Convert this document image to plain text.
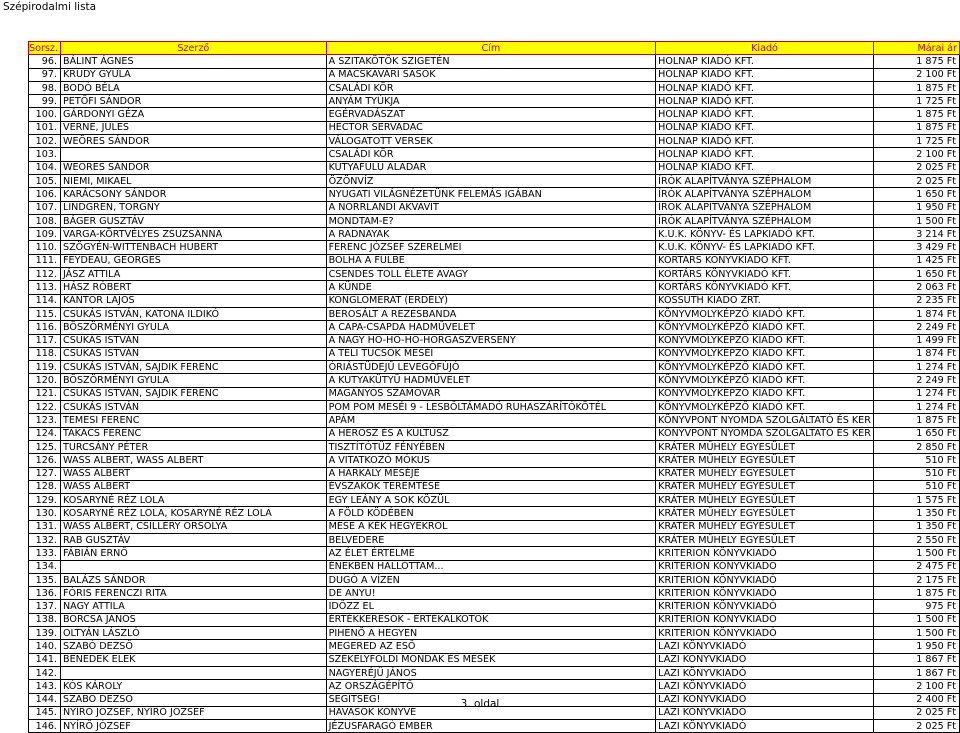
Szépirodalmi lista
Sorsz.	Szerző	Cím	Kiadó	Márai ár
96.	BÁLINT ÁGNES	A SZITAKÖTŐK SZIGETÉN	HOLNAP KIADÓ KFT.	1 875 Ft
97.	KRÚDY GYULA	A MACSKAVÁRI SASOK	HOLNAP KIADÓ KFT.	2 100 Ft
98.	BODÓ BÉLA	CSALÁDI KÖR	HOLNAP KIADÓ KFT.	1 875 Ft
99.	PETŐFI SÁNDOR	ANYÁM TYÚKJA	HOLNAP KIADÓ KFT.	1 725 Ft
100.	GÁRDONYI GÉZA	EGÉRVADÁSZAT	HOLNAP KIADÓ KFT.	1 875 Ft
101.	VERNE, JULES	HECTOR SERVADAC	HOLNAP KIADÓ KFT.	1 875 Ft
102.	WEÖRES SÁNDOR	VÁLOGATOTT VERSEK	HOLNAP KIADÓ KFT.	1 725 Ft
103.		CSALÁDI KÖR	HOLNAP KIADÓ KFT.	2 100 Ft
104.	WEÖRES SÁNDOR	KUTYAFÜLŰ ALADÁR	HOLNAP KIADÓ KFT.	2 025 Ft
105.	NIEMI, MIKAEL	ÖZÖNVÍZ	ÍRÓK ALAPÍTVÁNYA SZÉPHALOM	2 025 Ft
106.	KARÁCSONY SÁNDOR	NYUGATI VILÁGNÉZETÜNK FELEMÁS IGÁBAN	ÍRÓK ALAPÍTVÁNYA SZÉPHALOM	1 650 Ft
107.	LINDGREN, TORGNY	A NORRLANDI AKVAVIT	ÍRÓK ALAPÍTVÁNYA SZÉPHALOM	1 950 Ft
108.	BÁGER GUSZTÁV	MONDTAM-E?	ÍRÓK ALAPÍTVÁNYA SZÉPHALOM	1 500 Ft
109.	VARGA-KÖRTVÉLYES ZSUZSANNA	A RADNAYAK	K.U.K. KÖNYV- ÉS LAPKIADÓ KFT.	3 214 Ft
110.	SZÖGYÉN-WITTENBACH HUBERT	FERENC JÓZSEF SZERELMEI	K.U.K. KÖNYV- ÉS LAPKIADÓ KFT.	3 429 Ft
111.	FEYDEAU, GEORGES	BOLHA A FÜLBE	KORTÁRS KÖNYVKIADÓ KFT.	1 425 Ft
112.	JÁSZ ATTILA	CSENDES TOLL ÉLETE AVAGY	KORTÁRS KÖNYVKIADÓ KFT.	1 650 Ft
113.	HÁSZ RÓBERT	A KÜNDE	KORTÁRS KÖNYVKIADÓ KFT.	2 063 Ft
114.	KÁNTOR LAJOS	KONGLOMERÁT (ERDÉLY)	KOSSUTH KIADÓ ZRT.	2 235 Ft
115.	CSUKÁS ISTVÁN, KATONA ILDIKÓ	BEROSÁLT A REZESBANDA	KÖNYVMOLYKÉPZŐ KIADÓ KFT.	1 874 Ft
116.	BÖSZÖRMÉNYI GYULA	A CAPA-CSAPDA HADMŰVELET	KÖNYVMOLYKÉPZŐ KIADÓ KFT.	2 249 Ft
117.	CSUKÁS ISTVÁN	A NAGY HO-HO-HO-HORGÁSZVERSENY	KÖNYVMOLYKÉPZŐ KIADÓ KFT.	1 499 Ft
118.	CSUKÁS ISTVÁN	A TELI TÜCSÖK MESÉI	KÖNYVMOLYKÉPZŐ KIADÓ KFT.	1 874 Ft
119.	CSUKÁS ISTVÁN, SAJDIK FERENC	ÓRIÁSTÜDEJŰ LEVEGŐFÚJÓ	KÖNYVMOLYKÉPZŐ KIADÓ KFT.	1 274 Ft
120.	BÖSZÖRMÉNYI GYULA	A KUTYAKÜTYÜ HADMŰVELET	KÖNYVMOLYKÉPZŐ KIADÓ KFT.	2 249 Ft
121.	CSUKÁS ISTVÁN, SAJDIK FERENC	MAGÁNYOS SZAMOVÁR	KÖNYVMOLYKÉPZŐ KIADÓ KFT.	1 274 Ft
122.	CSUKÁS ISTVÁN	POM POM MESÉI 9 - LESBŐLTÁMADÓ RUHASZÁRÍTÓKÖTÉL	KÖNYVMOLYKÉPZŐ KIADÓ KFT.	1 274 Ft
123.	TEMESI FERENC	APÁM	KÖNYVPONT NYOMDA SZOLGÁLTATÓ ÉS KER	1 875 Ft
124.	TAKÁCS FERENC	A HEROSZ ÉS A KULTUSZ	KÖNYVPONT NYOMDA SZOLGÁLTATÓ ÉS KER	1 650 Ft
125.	TURCSÁNY PÉTER	TISZTÍTÓTŰZ FÉNYÉBEN	KRÁTER MŰHELY EGYESÜLET	2 850 Ft
126.	WASS ALBERT, WASS ALBERT	A VITATKOZÓ MÓKUS	KRÁTER MŰHELY EGYESÜLET	510 Ft
127.	WASS ALBERT	A HARKÁLY MESÉJE	KRÁTER MŰHELY EGYESÜLET	510 Ft
128.	WASS ALBERT	ÉVSZAKOK TEREMTÉSE	KRÁTER MŰHELY EGYESÜLET	510 Ft
129.	KOSARYNÉ RÉZ LOLA	EGY LEÁNY A SOK KÖZÜL	KRÁTER MŰHELY EGYESÜLET	1 575 Ft
130.	KOSARYNÉ RÉZ LOLA, KOSARYNÉ RÉZ LOLA	A FÖLD KÖDÉBEN	KRÁTER MŰHELY EGYESÜLET	1 350 Ft
131.	WASS ALBERT, CSILLÉRY ORSOLYA	MESE A KÉK HEGYEKRŐL	KRÁTER MŰHELY EGYESÜLET	1 350 Ft
132.	RAB GUSZTÁV	BELVEDERE	KRÁTER MŰHELY EGYESÜLET	2 550 Ft
133.	FÁBIÁN ERNŐ	AZ ÉLET ÉRTELME	KRITERION KÖNYVKIADÓ	1 500 Ft
134.		ÉNEKBEN HALLOTTAM...	KRITERION KÖNYVKIADÓ	2 475 Ft
135.	BALÁZS SÁNDOR	DUGÓ A VÍZEN	KRITERION KÖNYVKIADÓ	2 175 Ft
136.	FÓRIS FERENCZI RITA	DE ANYU!	KRITERION KÖNYVKIADÓ	1 875 Ft
137.	NAGY ATTILA	IDŐZZ EL	KRITERION KÖNYVKIADÓ	975 Ft
138.	BORCSA JÁNOS	ÉRTÉKKERESŐK - ÉRTÉKALKOTÓK	KRITERION KÖNYVKIADÓ	1 500 Ft
139.	OLTYÁN LÁSZLÓ	PIHENŐ A HEGYEN	KRITERION KÖNYVKIADÓ	1 500 Ft
140.	SZABÓ DEZSŐ	MEGERED AZ ESŐ	LAZI KÖNYVKIADÓ	1 950 Ft
141.	BENEDEK ELEK	SZÉKELYFÖLDI MONDÁK ÉS MESÉK	LAZI KÖNYVKIADÓ	1 867 Ft
142.		NAGYERÉJŰ JÁNOS	LAZI KÖNYVKIADÓ	1 867 Ft
143.	KÓS KÁROLY	AZ ORSZÁGÉPÍTŐ	LAZI KÖNYVKIADÓ	2 100 Ft
144.	SZABÓ DEZSŐ	SEGÍTSÉG!	LAZI KÖNYVKIADÓ	2 400 Ft
145.	NYÍRŐ JÓZSEF, NYÍRŐ JÓZSEF	HAVASOK KÖNYVE	LAZI KÖNYVKIADÓ	2 025 Ft
146.	NYÍRŐ JÓZSEF	JÉZUSFARAGÓ EMBER	LAZI KÖNYVKIADÓ	2 025 Ft
3. oldal
